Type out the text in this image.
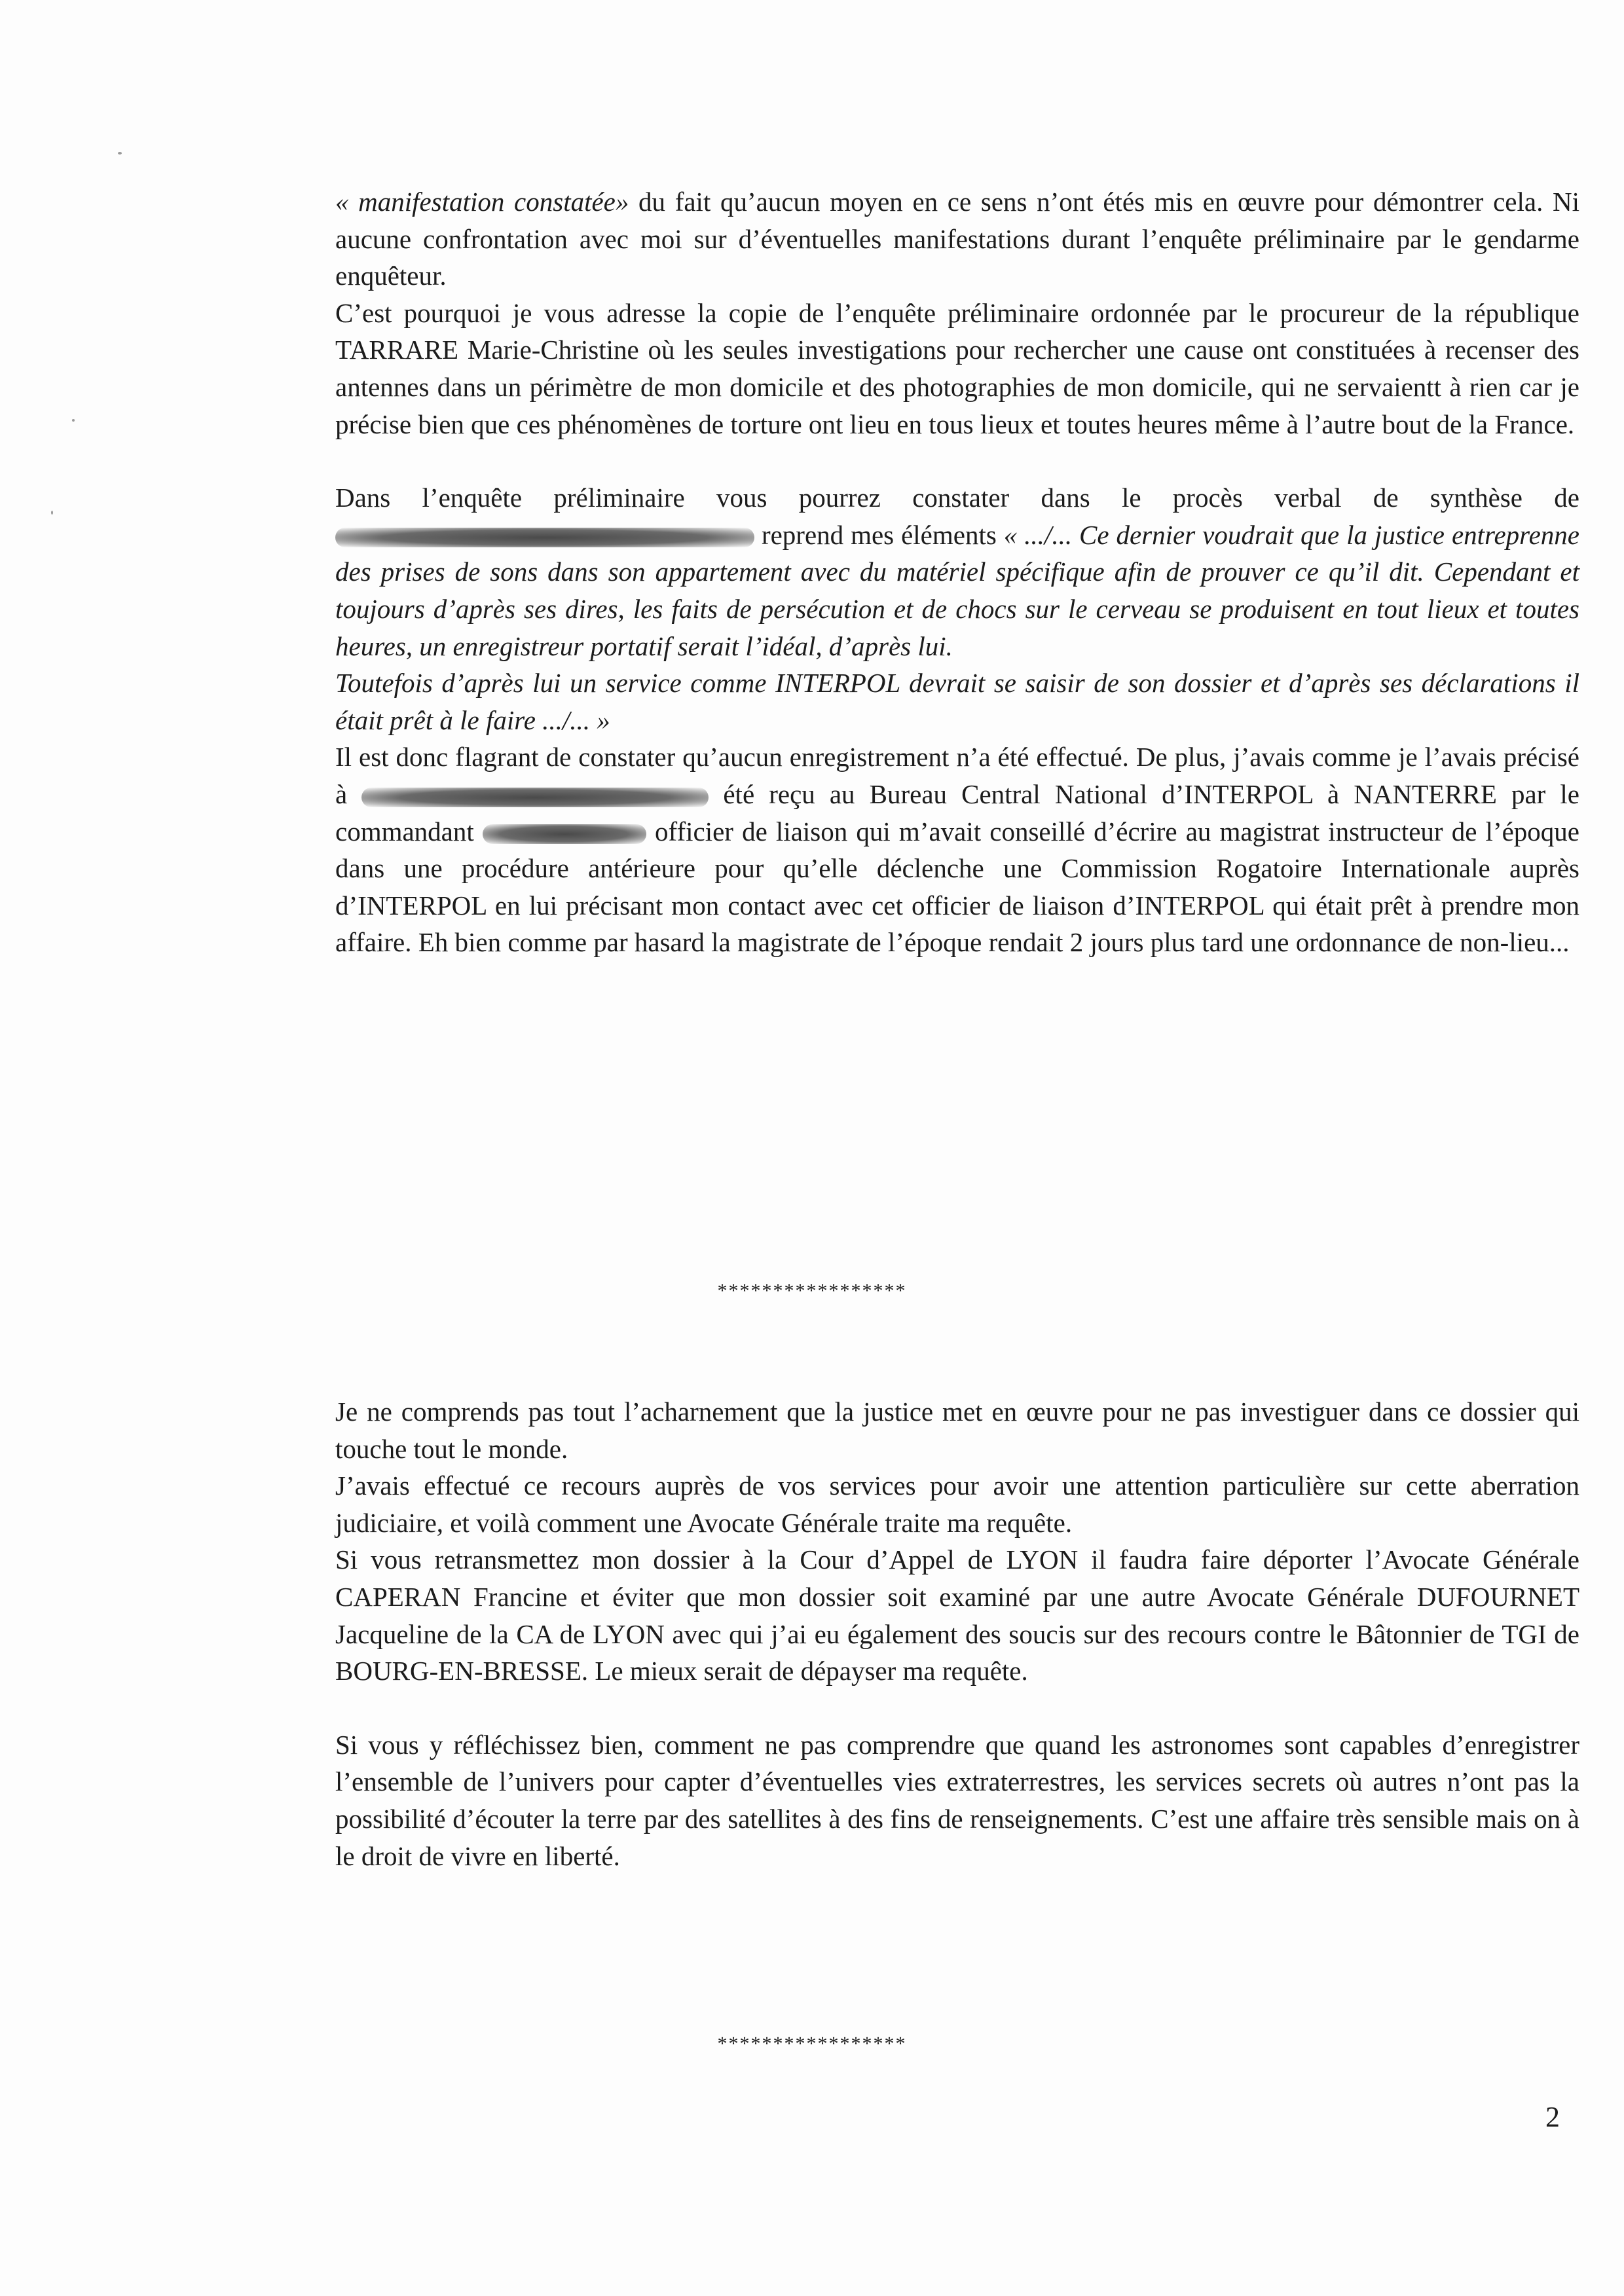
« manifestation constatée» du fait qu’aucun moyen en ce sens n’ont étés mis en œuvre pour démontrer cela. Ni aucune confrontation avec moi sur d’éventuelles manifestations durant l’enquête préliminaire par le gendarme enquêteur.

C’est pourquoi je vous adresse la copie de l’enquête préliminaire ordonnée par le procureur de la république TARRARE Marie-Christine où les seules investigations pour rechercher une cause ont constituées à recenser des antennes dans un périmètre de mon domicile et des photographies de mon domicile, qui ne servaientt à rien car je précise bien que ces phénomènes de torture ont lieu en tous lieux et toutes heures même à l’autre bout de la France.

Dans l’enquête préliminaire vous pourrez constater dans le procès verbal de synthèse de  reprend mes éléments « .../... Ce dernier voudrait que la justice entreprenne des prises de sons dans son appartement avec du matériel spécifique afin de prouver ce qu’il dit. Cependant et toujours d’après ses dires, les faits de persécution et de chocs sur le cerveau se produisent en tout lieux et toutes heures, un enregistreur portatif serait l’idéal, d’après lui.

Toutefois d’après lui un service comme INTERPOL devrait se saisir de son dossier et d’après ses déclarations il était prêt à le faire .../... »

Il est donc flagrant de constater qu’aucun enregistrement n’a été effectué. De plus, j’avais comme je l’avais précisé à	été reçu au Bureau Central National d’INTERPOL à NANTERRE par le commandant	officier de liaison qui m’avait conseillé d’écrire au magistrat instructeur de l’époque dans une procédure antérieure pour qu’elle déclenche une Commission Rogatoire Internationale auprès d’INTERPOL en lui précisant mon contact avec cet officier de liaison d’INTERPOL qui était prêt à prendre mon affaire. Eh bien comme par hasard la magistrate de l’époque rendait 2 jours plus tard une ordonnance de non-lieu...

*****************

Je ne comprends pas tout l’acharnement que la justice met en œuvre pour ne pas investiguer dans ce dossier qui touche tout le monde.

J’avais effectué ce recours auprès de vos services pour avoir une attention particulière sur cette aberration judiciaire, et voilà comment une Avocate Générale traite ma requête.

Si vous retransmettez mon dossier à la Cour d’Appel de LYON il faudra faire déporter l’Avocate Générale CAPERAN Francine et éviter que mon dossier soit examiné par une autre Avocate Générale DUFOURNET Jacqueline de la CA de LYON avec qui j’ai eu également des soucis sur des recours contre le Bâtonnier de TGI de BOURG-EN-BRESSE. Le mieux serait de dépayser ma requête.

Si vous y réfléchissez bien, comment ne pas comprendre que quand les astronomes sont capables d’enregistrer l’ensemble de l’univers pour capter d’éventuelles vies extraterrestres, les services secrets où autres n’ont pas la possibilité d’écouter la terre par des satellites à des fins de renseignements. C’est une affaire très sensible mais on à le droit de vivre en liberté.

*****************
2
